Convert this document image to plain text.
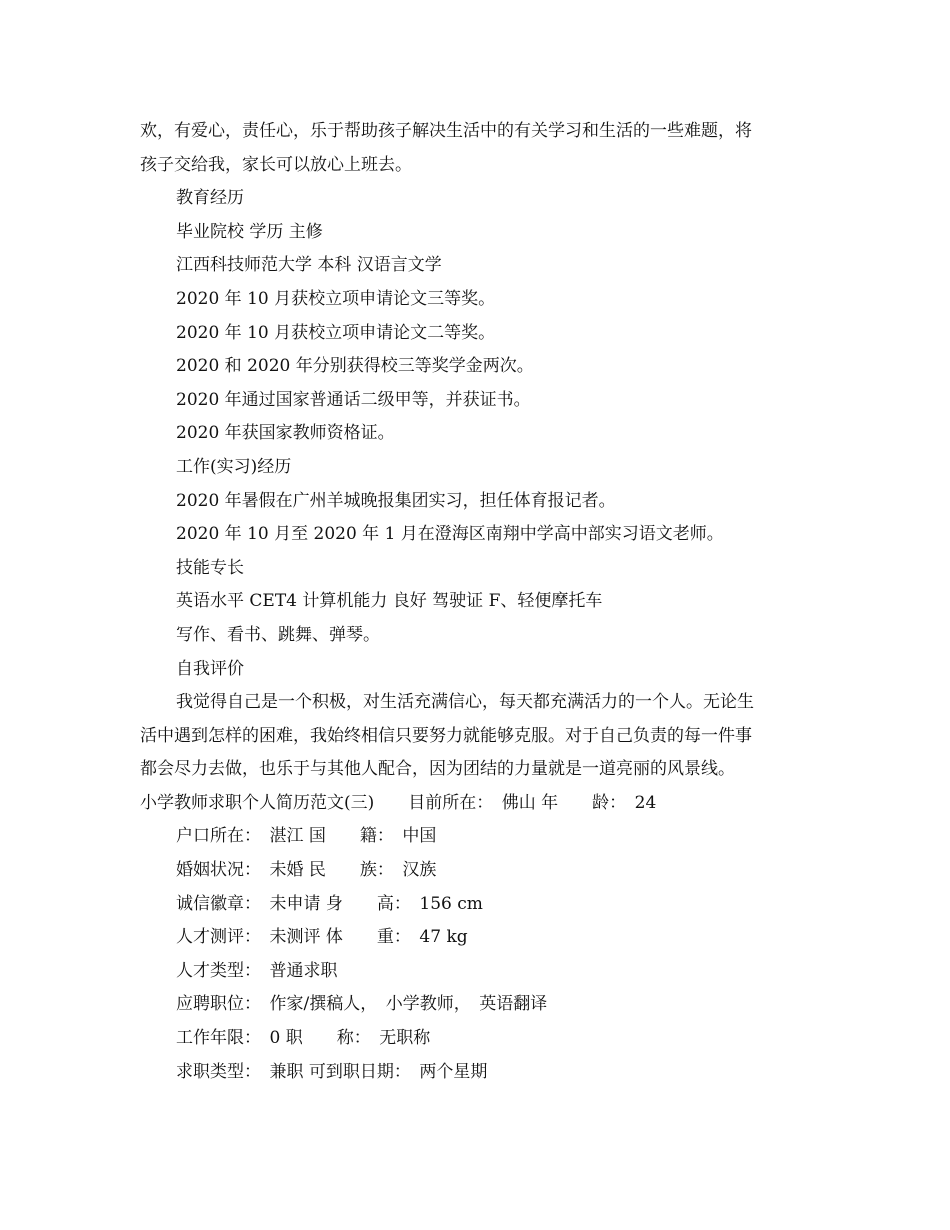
欢，有爱心，责任心，乐于帮助孩子解决生活中的有关学习和生活的一些难题，将
孩子交给我，家长可以放心上班去。
教育经历
毕业院校 学历 主修
江西科技师范大学 本科 汉语言文学
2020 年 10 月获校立项申请论文三等奖。
2020 年 10 月获校立项申请论文二等奖。
2020 和 2020 年分别获得校三等奖学金两次。
2020 年通过国家普通话二级甲等，并获证书。
2020 年获国家教师资格证。
工作(实习)经历
2020 年暑假在广州羊城晚报集团实习，担任体育报记者。
2020 年 10 月至 2020 年 1 月在澄海区南翔中学高中部实习语文老师。
技能专长
英语水平 CET4 计算机能力 良好 驾驶证 F、轻便摩托车
写作、看书、跳舞、弹琴。
自我评价
我觉得自己是一个积极，对生活充满信心，每天都充满活力的一个人。无论生
活中遇到怎样的困难，我始终相信只要努力就能够克服。对于自己负责的每一件事
都会尽力去做，也乐于与其他人配合，因为团结的力量就是一道亮丽的风景线。
小学教师求职个人简历范文(三)　　目前所在：　佛山 年　　龄：　24
户口所在：　湛江 国　　籍：　中国
婚姻状况：　未婚 民　　族：　汉族
诚信徽章：　未申请 身　　高：　156 cm
人才测评：　未测评 体　　重：　47 kg
人才类型：　普通求职
应聘职位：　作家/撰稿人，　小学教师，　英语翻译
工作年限：　0 职　　称：　无职称
求职类型：　兼职 可到职日期：　两个星期
